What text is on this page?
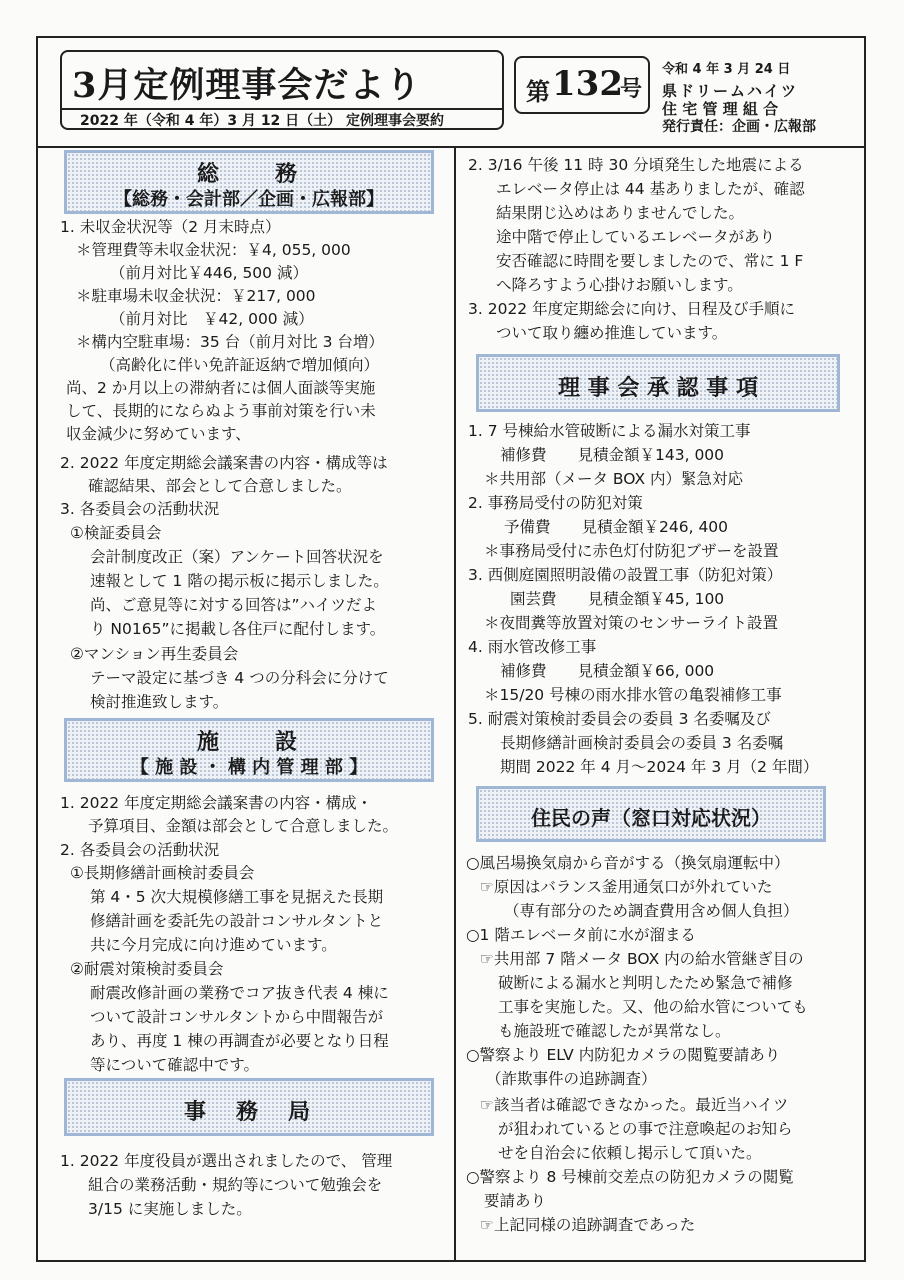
3月定例理事会だより
2022 年（令和 4 年）3 月 12 日（土） 定例理事会要約
第 132
号
令和 4 年 3 月 24 日
県ドリームハイツ
住 宅 管 理 組 合
発行責任：企画・広報部
総　　務
【総務・会計部／企画・広報部】
1. 未収金状況等（2 月末時点）
＊管理費等未収金状況：￥4, 055, 000
（前月対比￥446, 500 減）
＊駐車場未収金状況：￥217, 000
（前月対比　￥42, 000 減）
＊構内空駐車場：35 台（前月対比 3 台増）
（高齢化に伴い免許証返納で増加傾向）
尚、2 か月以上の滞納者には個人面談等実施
して、長期的にならぬよう事前対策を行い未
収金減少に努めています、
2. 2022 年度定期総会議案書の内容・構成等は
確認結果、部会として合意しました。
3. 各委員会の活動状況
①検証委員会
会計制度改正（案）アンケート回答状況を
速報として 1 階の掲示板に掲示しました。
尚、ご意見等に対する回答は”ハイツだよ
り N0165”に掲載し各住戸に配付します。
②マンション再生委員会
テーマ設定に基づき 4 つの分科会に分けて
検討推進致します。
施　　設
【 施 設 ・ 構 内 管 理 部 】
1. 2022 年度定期総会議案書の内容・構成・
予算項目、金額は部会として合意しました。
2. 各委員会の活動状況
①長期修繕計画検討委員会
第 4・5 次大規模修繕工事を見据えた長期
修繕計画を委託先の設計コンサルタントと
共に今月完成に向け進めています。
②耐震対策検討委員会
耐震改修計画の業務でコア抜き代表 4 棟に
ついて設計コンサルタントから中間報告が
あり、再度 1 棟の再調査が必要となり日程
等について確認中です。
事　務　局
1. 2022 年度役員が選出されましたので、 管理
組合の業務活動・規約等について勉強会を
3/15 に実施しました。
2. 3/16 午後 11 時 30 分頃発生した地震による
エレベータ停止は 44 基ありましたが、確認
結果閉じ込めはありませんでした。
途中階で停止しているエレベータがあり
安否確認に時間を要しましたので、常に 1 F
へ降ろすよう心掛けお願いします。
3. 2022 年度定期総会に向け、日程及び手順に
ついて取り纏め推進しています。
理 事 会 承 認 事 項
1. 7 号棟給水管破断による漏水対策工事
補修費　　見積金額￥143, 000
＊共用部（メータ BOX 内）緊急対応
2. 事務局受付の防犯対策
予備費　　見積金額￥246, 400
＊事務局受付に赤色灯付防犯ブザーを設置
3. 西側庭園照明設備の設置工事（防犯対策）
園芸費　　見積金額￥45, 100
＊夜間糞等放置対策のセンサーライト設置
4. 雨水管改修工事
補修費　　見積金額￥66, 000
＊15/20 号棟の雨水排水管の亀裂補修工事
5. 耐震対策検討委員会の委員 3 名委嘱及び
長期修繕計画検討委員会の委員 3 名委嘱
期間 2022 年 4 月～2024 年 3 月（2 年間）
住民の声（窓口対応状況）
○風呂場換気扇から音がする（換気扇運転中）
☞原因はバランス釜用通気口が外れていた
（専有部分のため調査費用含め個人負担）
○1 階エレベータ前に水が溜まる
☞共用部 7 階メータ BOX 内の給水管継ぎ目の
破断による漏水と判明したため緊急で補修
工事を実施した。又、他の給水管についても
も施設班で確認したが異常なし。
○警察より ELV 内防犯カメラの閲覧要請あり
（詐欺事件の追跡調査）
☞該当者は確認できなかった。最近当ハイツ
が狙われているとの事で注意喚起のお知ら
せを自治会に依頼し掲示して頂いた。
○警察より 8 号棟前交差点の防犯カメラの閲覧
要請あり
☞上記同様の追跡調査であった
